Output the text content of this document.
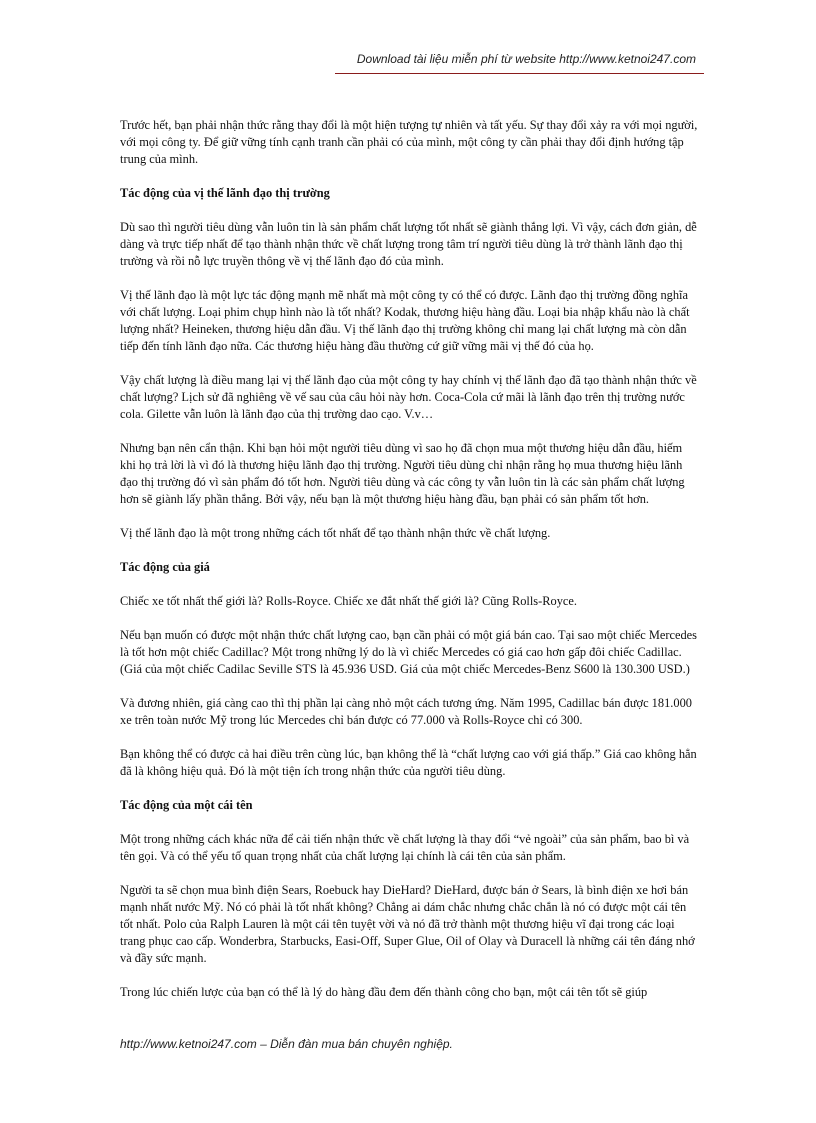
Download tài liệu miễn phí từ website http://www.ketnoi247.com

Trước hết, bạn phải nhận thức rằng thay đổi là một hiện tượng tự nhiên và tất yếu. Sự thay đổi xảy ra với mọi người, với mọi công ty. Để giữ vững tính cạnh tranh cần phải có của mình, một công ty cần phải thay đổi định hướng tập trung của mình.

Tác động của vị thế lãnh đạo thị trường

Dù sao thì người tiêu dùng vẫn luôn tin là sản phẩm chất lượng tốt nhất sẽ giành thắng lợi. Vì vậy, cách đơn giản, dễ dàng và trực tiếp nhất để tạo thành nhận thức về chất lượng trong tâm trí người tiêu dùng là trở thành lãnh đạo thị trường và rồi nỗ lực truyền thông về vị thế lãnh đạo đó của mình.

Vị thế lãnh đạo là một lực tác động mạnh mẽ nhất mà một công ty có thể có được. Lãnh đạo thị trường đồng nghĩa với chất lượng. Loại phim chụp hình nào là tốt nhất? Kodak, thương hiệu hàng đầu. Loại bia nhập khẩu nào là chất lượng nhất? Heineken, thương hiệu dẫn đầu. Vị thế lãnh đạo thị trường không chỉ mang lại chất lượng mà còn dẫn tiếp đến tính lãnh đạo nữa. Các thương hiệu hàng đầu thường cứ giữ vững mãi vị thế đó của họ.

Vậy chất lượng là điều mang lại vị thế lãnh đạo của một công ty hay chính vị thế lãnh đạo đã tạo thành nhận thức về chất lượng? Lịch sử đã nghiêng về vế sau của câu hỏi này hơn. Coca-Cola cứ mãi là lãnh đạo trên thị trường nước cola. Gilette vẫn luôn là lãnh đạo của thị trường dao cạo. V.v…

Nhưng bạn nên cẩn thận. Khi bạn hỏi một người tiêu dùng vì sao họ đã chọn mua một thương hiệu dẫn đầu, hiếm khi họ trả lời là vì đó là thương hiệu lãnh đạo thị trường. Người tiêu dùng chỉ nhận rằng họ mua thương hiệu lãnh đạo thị trường đó vì sản phẩm đó tốt hơn. Người tiêu dùng và các công ty vẫn luôn tin là các sản phẩm chất lượng hơn sẽ giành lấy phần thắng. Bởi vậy, nếu bạn là một thương hiệu hàng đầu, bạn phải có sản phẩm tốt hơn.

Vị thế lãnh đạo là một trong những cách tốt nhất để tạo thành nhận thức về chất lượng.

Tác động của giá

Chiếc xe tốt nhất thế giới là? Rolls-Royce. Chiếc xe đắt nhất thế giới là? Cũng Rolls-Royce.

Nếu bạn muốn có được một nhận thức chất lượng cao, bạn cần phải có một giá bán cao. Tại sao một chiếc Mercedes là tốt hơn một chiếc Cadillac? Một trong những lý do là vì chiếc Mercedes có giá cao hơn gấp đôi chiếc Cadillac. (Giá của một chiếc Cadilac Seville STS là 45.936 USD. Giá của một chiếc Mercedes-Benz S600 là 130.300 USD.)

Và đương nhiên, giá càng cao thì thị phần lại càng nhỏ một cách tương ứng. Năm 1995, Cadillac bán được 181.000 xe trên toàn nước Mỹ trong lúc Mercedes chỉ bán được có 77.000 và Rolls-Royce chỉ có 300.

Bạn không thể có được cả hai điều trên cùng lúc, bạn không thể là “chất lượng cao với giá thấp.” Giá cao không hẳn đã là không hiệu quả. Đó là một tiện ích trong nhận thức của người tiêu dùng.

Tác động của một cái tên

Một trong những cách khác nữa để cải tiến nhận thức về chất lượng là thay đổi “vẻ ngoài” của sản phẩm, bao bì và tên gọi. Và có thể yếu tố quan trọng nhất của chất lượng lại chính là cái tên của sản phẩm.

Người ta sẽ chọn mua bình điện Sears, Roebuck hay DieHard? DieHard, được bán ở Sears, là bình điện xe hơi bán mạnh nhất nước Mỹ. Nó có phải là tốt nhất không? Chẳng ai dám chắc nhưng chắc chắn là nó có được một cái tên tốt nhất. Polo của Ralph Lauren là một cái tên tuyệt vời và nó đã trở thành một thương hiệu vĩ đại trong các loại trang phục cao cấp. Wonderbra, Starbucks, Easi-Off, Super Glue, Oil of Olay và Duracell là những cái tên đáng nhớ và đầy sức mạnh.

Trong lúc chiến lược của bạn có thể là lý do hàng đầu đem đến thành công cho bạn, một cái tên tốt sẽ giúp

http://www.ketnoi247.com – Diễn đàn mua bán chuyên nghiệp.
